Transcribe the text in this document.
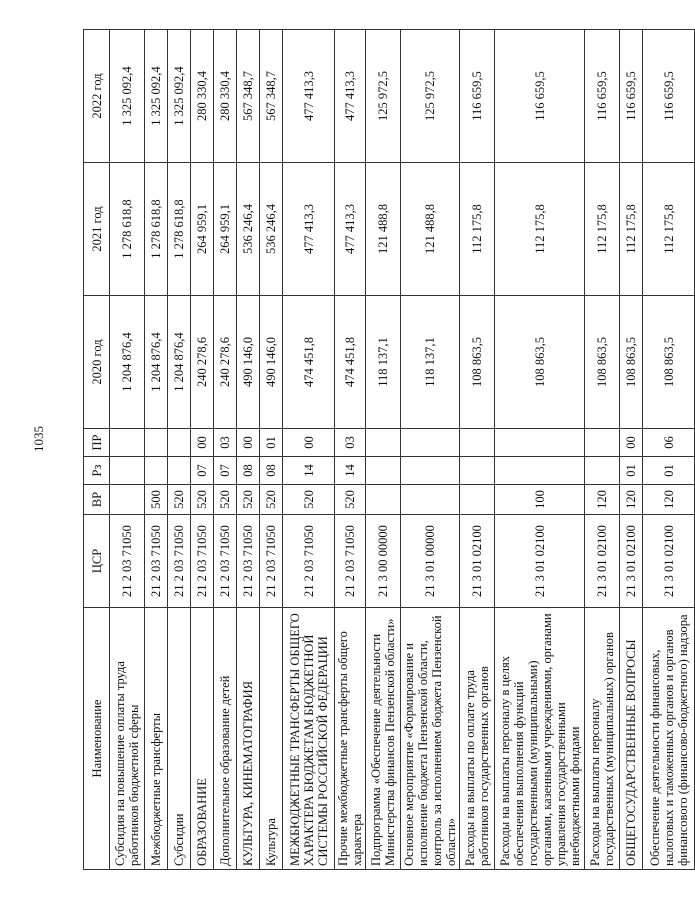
1035
Наименование	ЦСР	ВР	Рз	ПР	2020 год	2021 год	2022 год
Субсидия на повышение оплаты труда работников бюджетной сферы	21 2 03 71050				1 204 876,4	1 278 618,8	1 325 092,4
Межбюджетные трансферты	21 2 03 71050	500			1 204 876,4	1 278 618,8	1 325 092,4
Субсидии	21 2 03 71050	520			1 204 876,4	1 278 618,8	1 325 092,4
ОБРАЗОВАНИЕ	21 2 03 71050	520	07	00	240 278,6	264 959,1	280 330,4
Дополнительное образование детей	21 2 03 71050	520	07	03	240 278,6	264 959,1	280 330,4
КУЛЬТУРА, КИНЕМАТОГРАФИЯ	21 2 03 71050	520	08	00	490 146,0	536 246,4	567 348,7
Культура	21 2 03 71050	520	08	01	490 146,0	536 246,4	567 348,7
МЕЖБЮДЖЕТНЫЕ ТРАНСФЕРТЫ ОБЩЕГО ХАРАКТЕРА БЮДЖЕТАМ БЮДЖЕТНОЙ СИСТЕМЫ РОССИЙСКОЙ ФЕДЕРАЦИИ	21 2 03 71050	520	14	00	474 451,8	477 413,3	477 413,3
Прочие межбюджетные трансферты общего характера	21 2 03 71050	520	14	03	474 451,8	477 413,3	477 413,3
Подпрограмма «Обеспечение деятельности Министерства финансов Пензенской области»	21 3 00 00000				118 137,1	121 488,8	125 972,5
Основное мероприятие «Формирование и исполнение бюджета Пензенской области, контроль за исполнением бюджета Пензенской области»	21 3 01 00000				118 137,1	121 488,8	125 972,5
Расходы на выплаты по оплате труда работников государственных органов	21 3 01 02100				108 863,5	112 175,8	116 659,5
Расходы на выплаты персоналу в целях обеспечения выполнения функций государственными (муниципальными) органами, казенными учреждениями, органами управления государственными внебюджетными фондами	21 3 01 02100	100			108 863,5	112 175,8	116 659,5
Расходы на выплаты персоналу государственных (муниципальных) органов	21 3 01 02100	120			108 863,5	112 175,8	116 659,5
ОБЩЕГОСУДАРСТВЕННЫЕ ВОПРОСЫ	21 3 01 02100	120	01	00	108 863,5	112 175,8	116 659,5
Обеспечение деятельности финансовых, налоговых и таможенных органов и органов финансового (финансово-бюджетного) надзора	21 3 01 02100	120	01	06	108 863,5	112 175,8	116 659,5
